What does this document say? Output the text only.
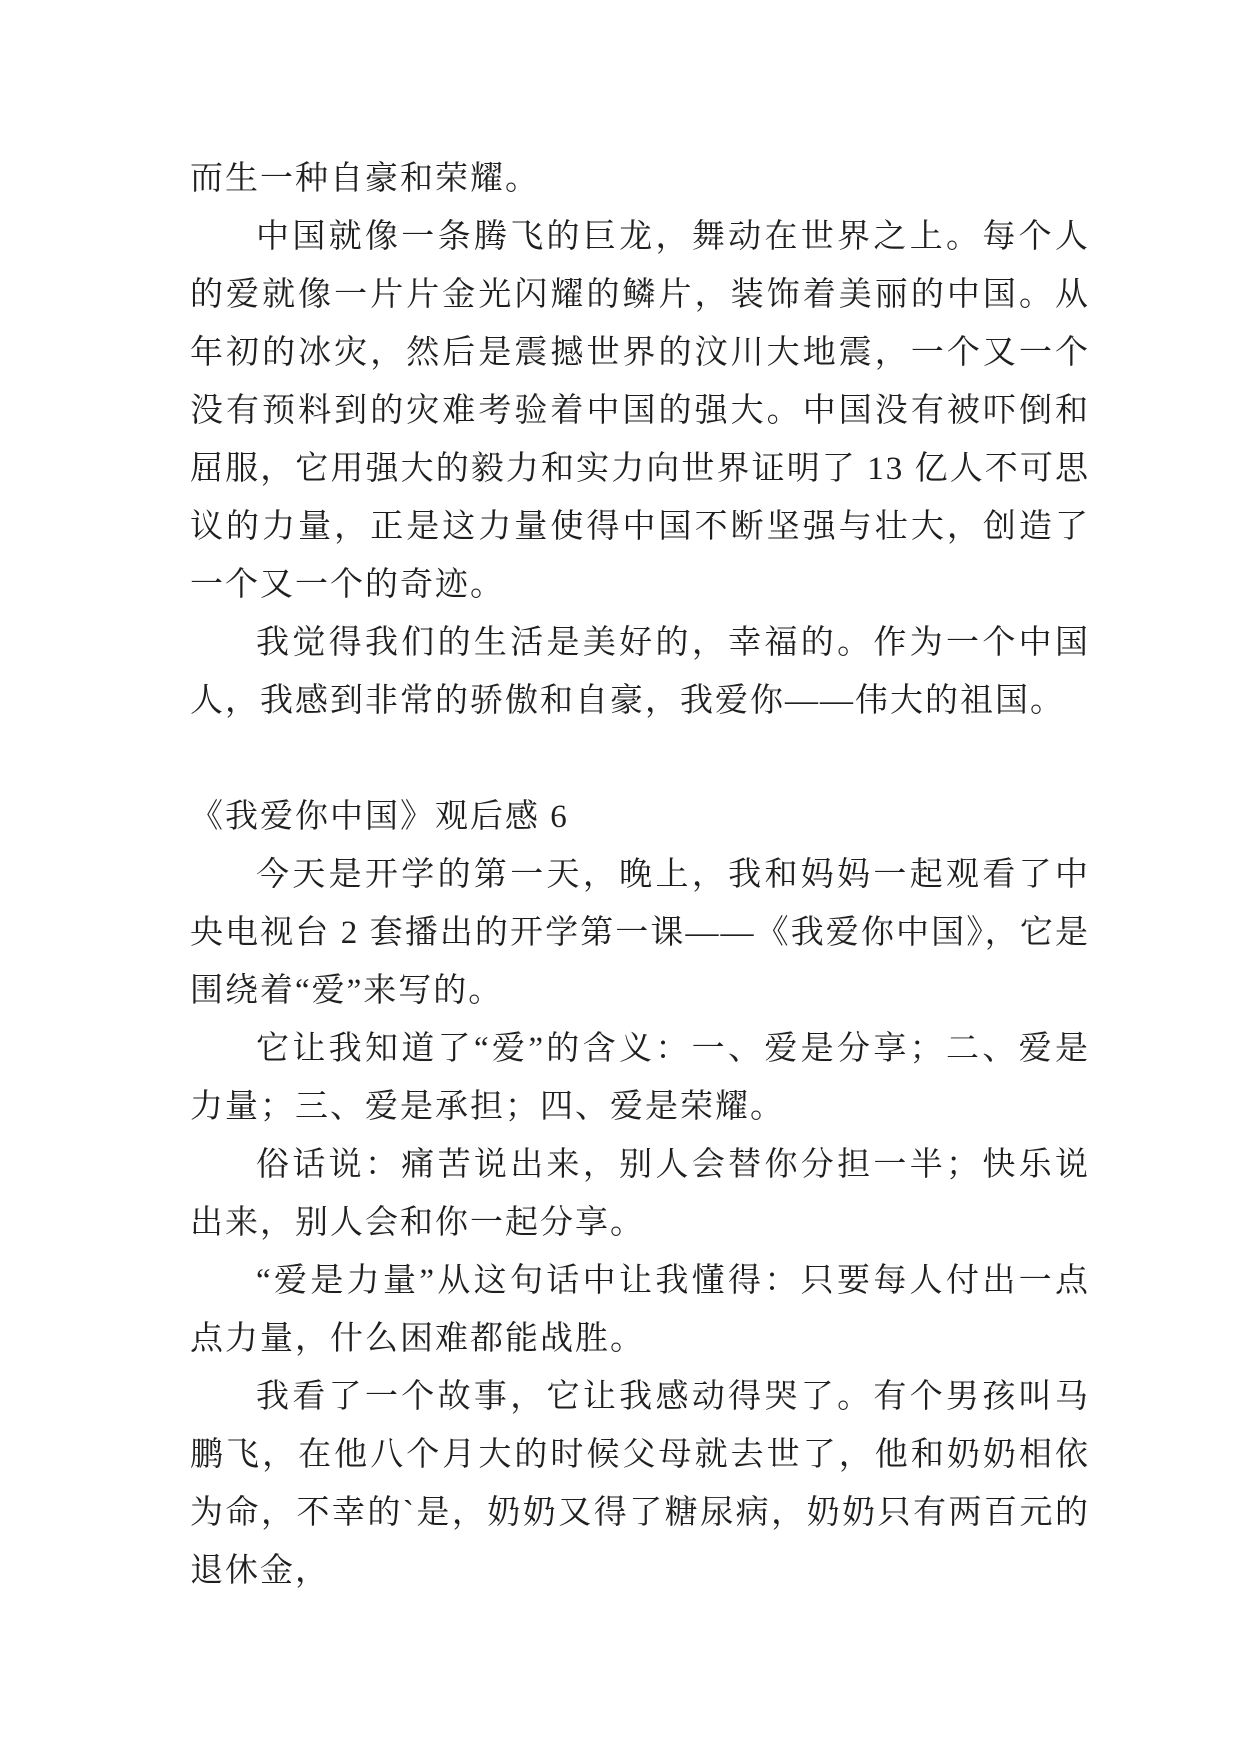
而生一种自豪和荣耀。

中国就像一条腾飞的巨龙，舞动在世界之上。每个人的爱就像一片片金光闪耀的鳞片，装饰着美丽的中国。从年初的冰灾，然后是震撼世界的汶川大地震，一个又一个没有预料到的灾难考验着中国的强大。中国没有被吓倒和屈服，它用强大的毅力和实力向世界证明了 13 亿人不可思议的力量，正是这力量使得中国不断坚强与壮大，创造了一个又一个的奇迹。

我觉得我们的生活是美好的，幸福的。作为一个中国人，我感到非常的骄傲和自豪，我爱你——伟大的祖国。

《我爱你中国》观后感 6

今天是开学的第一天，晚上，我和妈妈一起观看了中央电视台 2 套播出的开学第一课——《我爱你中国》，它是围绕着“爱”来写的。

它让我知道了“爱”的含义：一、爱是分享；二、爱是力量；三、爱是承担；四、爱是荣耀。

俗话说：痛苦说出来，别人会替你分担一半；快乐说出来，别人会和你一起分享。

“爱是力量”从这句话中让我懂得：只要每人付出一点点力量，什么困难都能战胜。

我看了一个故事，它让我感动得哭了。有个男孩叫马鹏飞，在他八个月大的时候父母就去世了，他和奶奶相依为命，不幸的`是，奶奶又得了糖尿病，奶奶只有两百元的退休金，
